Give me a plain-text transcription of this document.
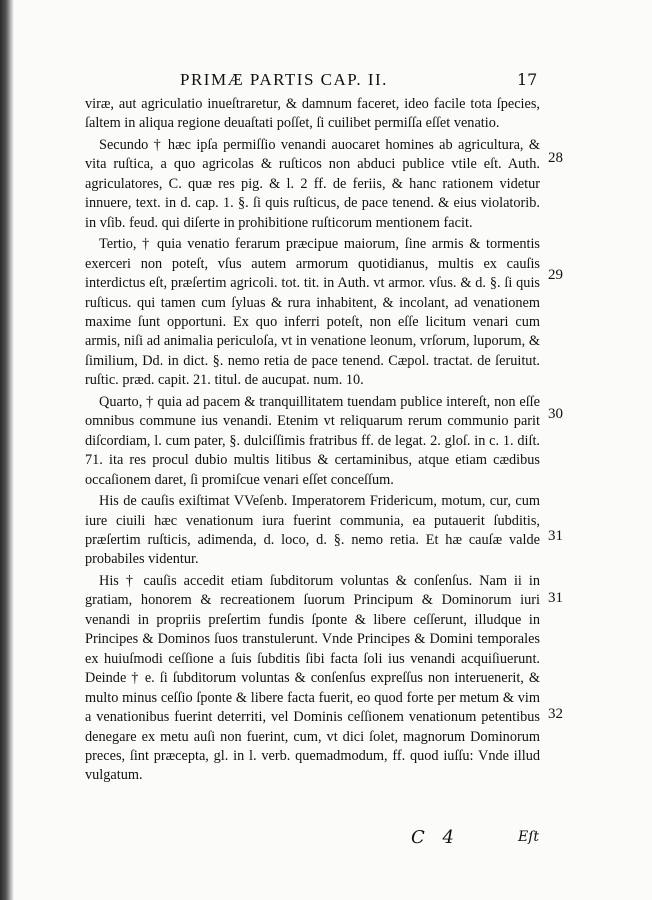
PRIMÆ PARTIS CAP. II.	17

viræ, aut agriculatio inueſtraretur, & damnum faceret, ideo facile tota ſpecies, ſaltem in aliqua regione deuaſtati poſſet, ſi cuilibet permiſſa eſſet venatio.

Secundo † hæc ipſa permiſſio venandi auocaret homines ab agricultura, & vita ruſtica, a quo agricolas & ruſticos non abduci publice vtile eſt. Auth. agriculatores, C. quæ res pig. & l. 2 ff. de feriis, & hanc rationem videtur innuere, text. in d. cap. 1. §. ſi quis ruſticus, de pace tenend. & eius violatorib. in vſib. feud. qui diſerte in prohibitione ruſticorum mentionem facit.

Tertio, † quia venatio ferarum præcipue maiorum, ſine armis & tormentis exerceri non poteſt, vſus autem armorum quotidianus, multis ex cauſis interdictus eſt, præſertim agricoli. tot. tit. in Auth. vt armor. vſus. & d. §. ſi quis ruſticus. qui tamen cum ſyluas & rura inhabitent, & incolant, ad venationem maxime ſunt opportuni. Ex quo inferri poteſt, non eſſe licitum venari cum armis, niſi ad animalia periculoſa, vt in venatione leonum, vrſorum, luporum, & ſimilium, Dd. in dict. §. nemo retia de pace tenend. Cæpol. tractat. de ſeruitut. ruſtic. præd. capit. 21. titul. de aucupat. num. 10.

Quarto, † quia ad pacem & tranquillitatem tuendam publice intereſt, non eſſe omnibus commune ius venandi. Etenim vt reliquarum rerum communio parit diſcordiam, l. cum pater, §. dulciſſimis fratribus ff. de legat. 2. gloſ. in c. 1. diſt. 71. ita res procul dubio multis litibus & certaminibus, atque etiam cædibus occaſionem daret, ſi promiſcue venari eſſet conceſſum.

His de cauſis exiſtimat VVeſenb. Imperatorem Fridericum, motum, cur, cum iure ciuili hæc venationum iura fuerint communia, ea putauerit ſubditis, præſertim ruſticis, adimenda, d. loco, d. §. nemo retia. Et hæ cauſæ valde probabiles videntur.

His † cauſis accedit etiam ſubditorum voluntas & conſenſus. Nam ii in gratiam, honorem & recreationem ſuorum Principum & Dominorum iuri venandi in propriis preſertim fundis ſponte & libere ceſſerunt, illudque in Principes & Dominos ſuos transtulerunt. Vnde Principes & Domini temporales ex huiuſmodi ceſſione a ſuis ſubditis ſibi facta ſoli ius venandi acquiſiuerunt. Deinde † e. ſi ſubditorum voluntas & conſenſus expreſſus non interuenerit, & multo minus ceſſio ſponte & libere facta fuerit, eo quod forte per metum & vim a venationibus fuerint deterriti, vel Dominis ceſſionem venationum petentibus denegare ex metu auſi non fuerint, cum, vt dici ſolet, magnorum Dominorum preces, ſint præcepta, gl. in l. verb. quemadmodum, ff. quod iuſſu: Vnde illud vulgatum.

28
29
30
31
31
32
C 4	Eſt
